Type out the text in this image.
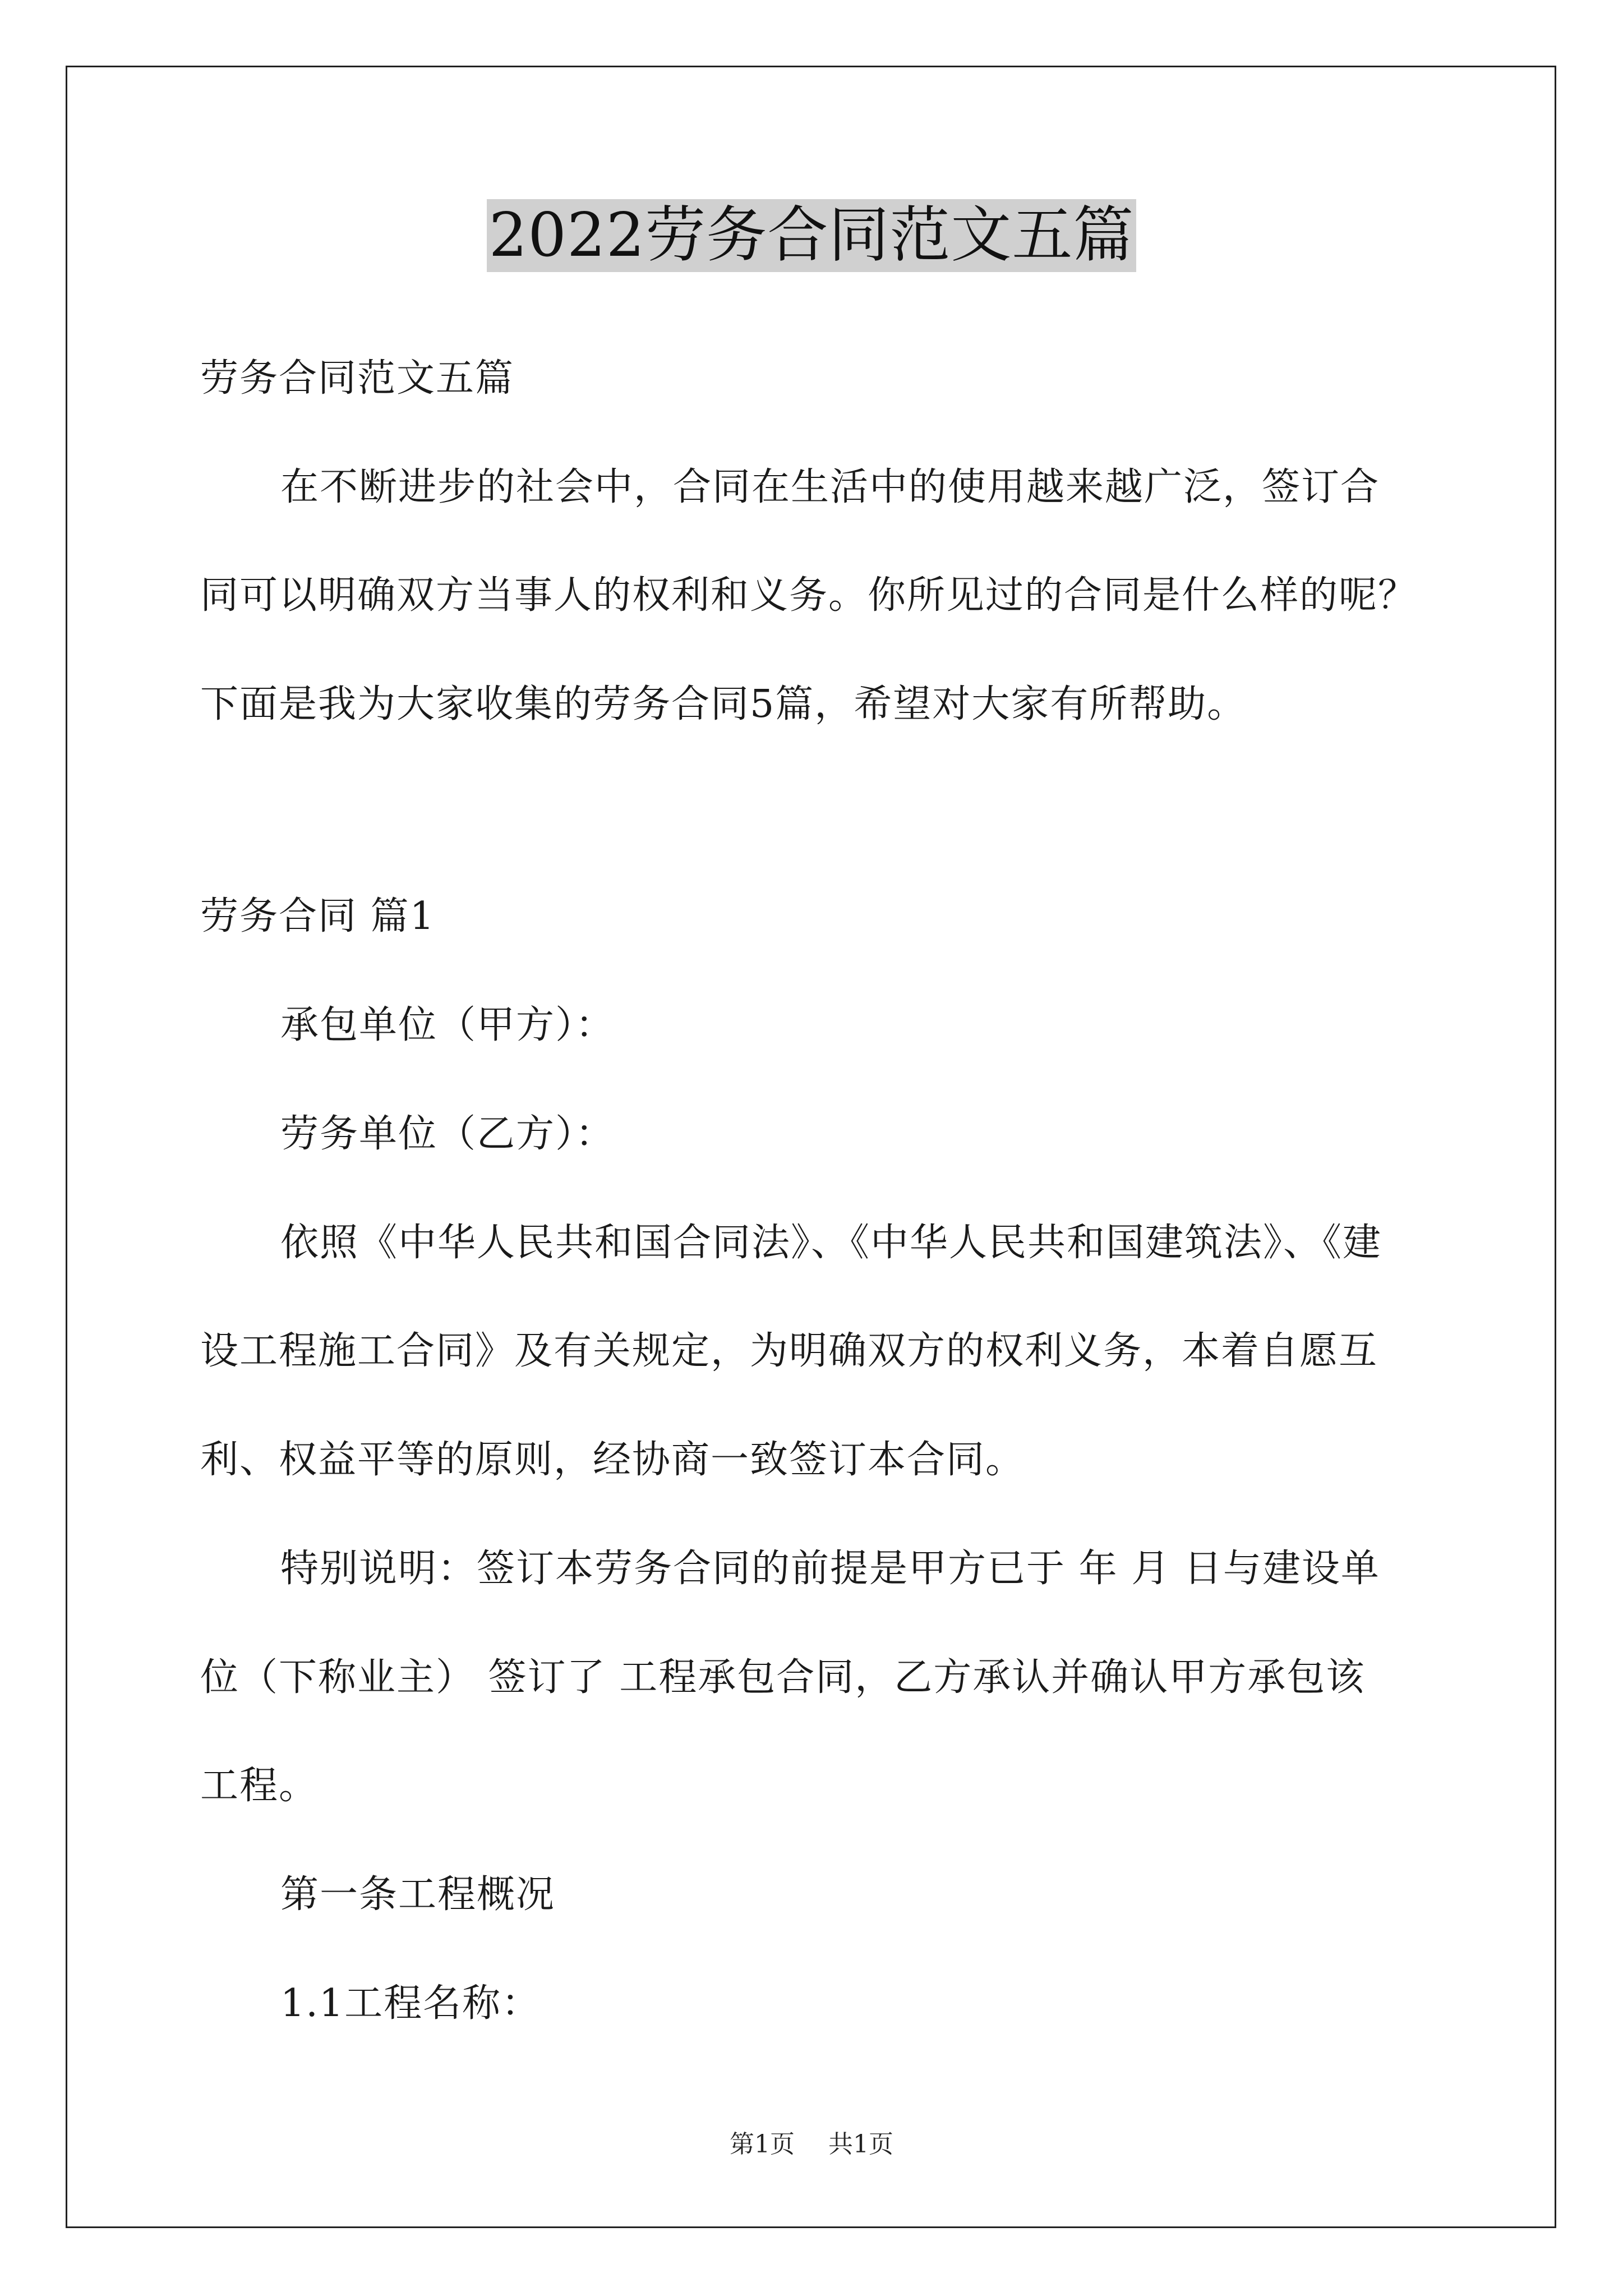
2022劳务合同范文五篇
劳务合同范文五篇
在不断进步的社会中，合同在生活中的使用越来越广泛，签订合
同可以明确双方当事人的权利和义务。你所见过的合同是什么样的呢？
下面是我为大家收集的劳务合同5篇，希望对大家有所帮助。
劳务合同 篇1
承包单位（甲方）：
劳务单位（乙方）：
依照《中华人民共和国合同法》、《中华人民共和国建筑法》、《建
设工程施工合同》及有关规定，为明确双方的权利义务，本着自愿互
利、权益平等的原则，经协商一致签订本合同。
特别说明：签订本劳务合同的前提是甲方已于 年 月 日与建设单
位（下称业主） 签订了 工程承包合同，乙方承认并确认甲方承包该
工程。
第一条工程概况
1.1工程名称：
第1页 共1页
